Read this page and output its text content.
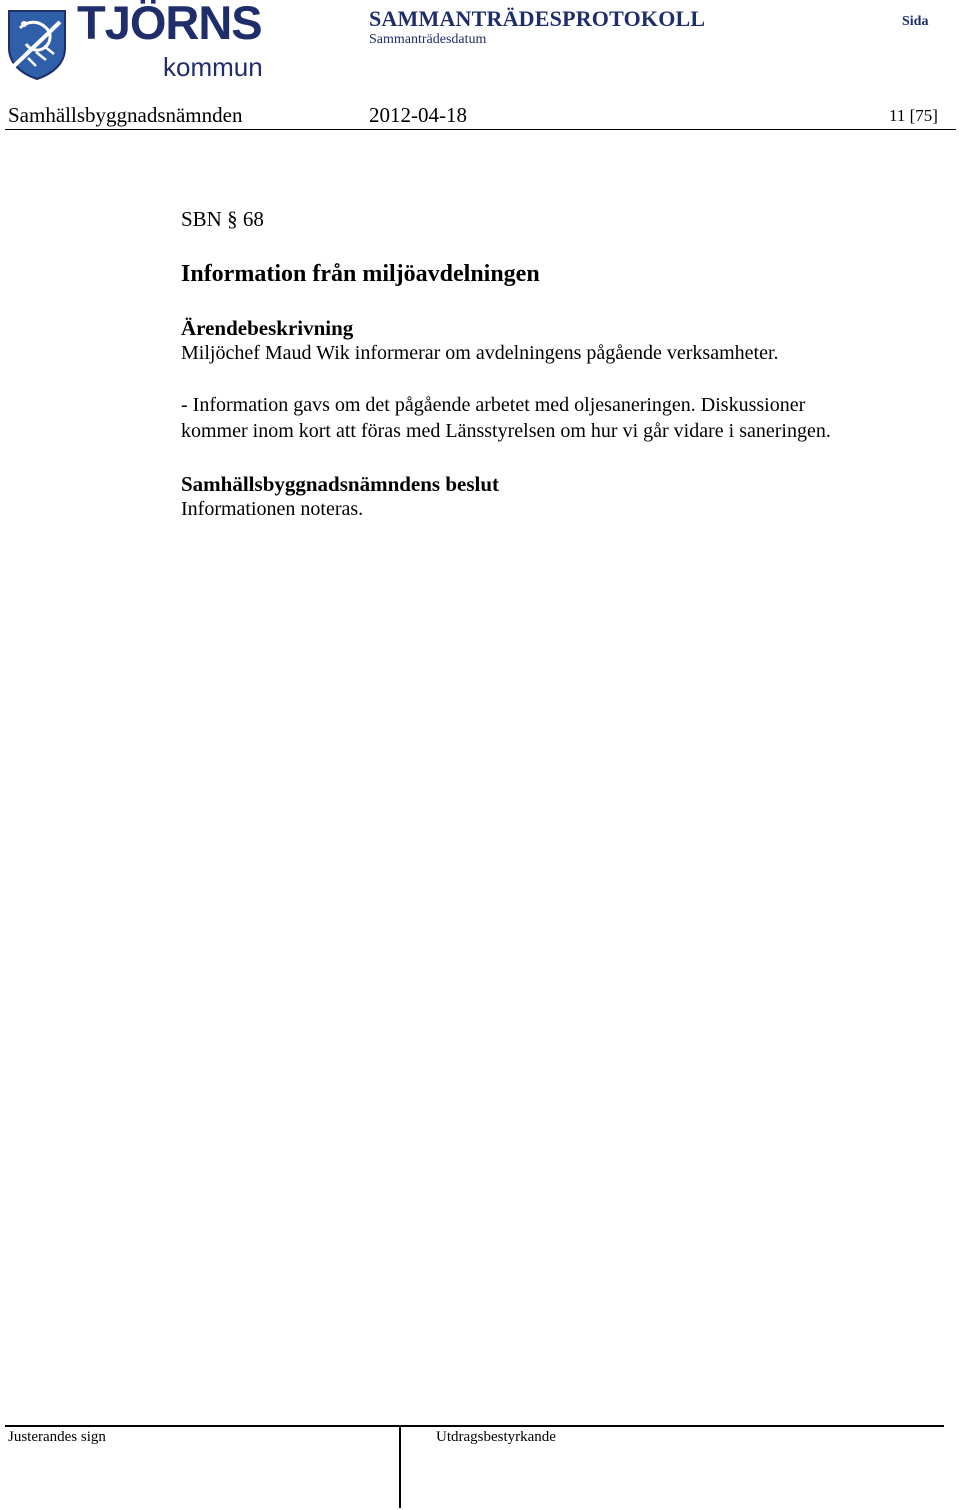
TJÖRNS
kommun
SAMMANTRÄDESPROTOKOLL
Sammanträdesdatum
Sida
Samhällsbyggnadsnämnden	2012-04-18	11 [75]
SBN § 68
Information från miljöavdelningen
Ärendebeskrivning
Miljöchef Maud Wik informerar om avdelningens pågående verksamheter.
- Information gavs om det pågående arbetet med oljesaneringen. Diskussioner
kommer inom kort att föras med Länsstyrelsen om hur vi går vidare i saneringen.
Samhällsbyggnadsnämndens beslut
Informationen noteras.
Justerandes sign	Utdragsbestyrkande
